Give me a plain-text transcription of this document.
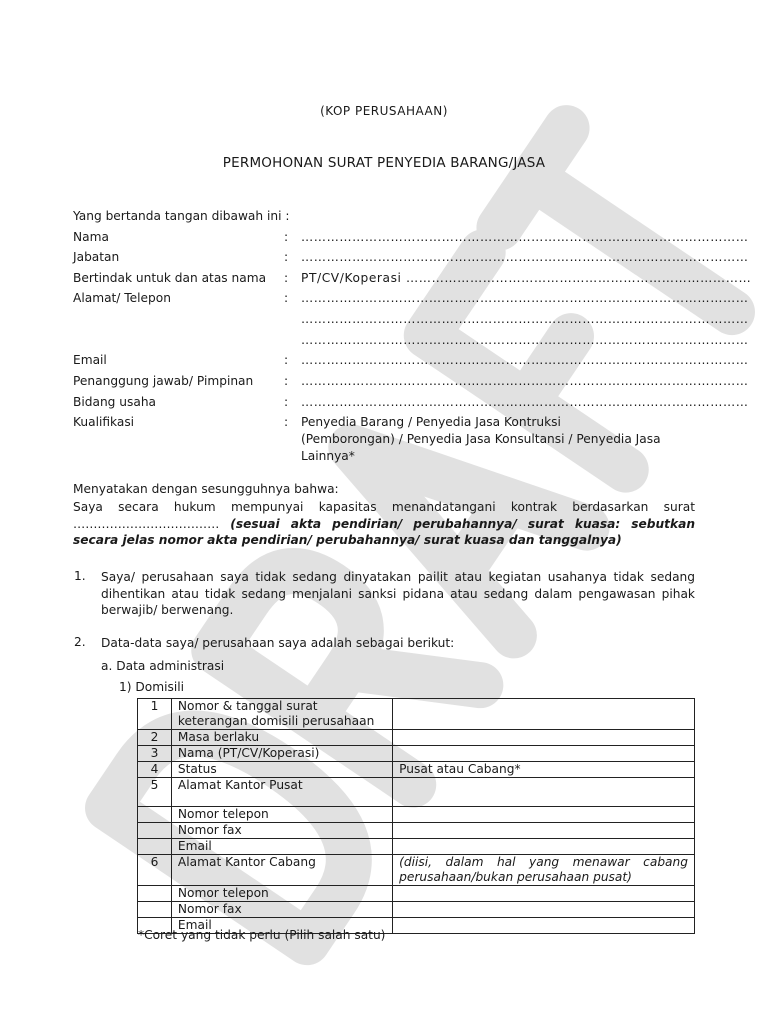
(KOP PERUSAHAAN)
PERMOHONAN SURAT PENYEDIA BARANG/JASA
Yang bertanda tangan dibawah ini :
Nama	: ……………………………………………………………………………………………
Jabatan	: ……………………………………………………………………………………………
Bertindak untuk dan atas nama : PT/CV/Koperasi ………………………………………………………………………
Alamat/ Telepon	: ……………………………………………………………………………………………
……………………………………………………………………………………………
……………………………………………………………………………………………
Email	: ……………………………………………………………………………………………
Penanggung jawab/ Pimpinan	: ……………………………………………………………………………………………
Bidang usaha	: ……………………………………………………………………………………………
Kualifikasi	: Penyedia Barang / Penyedia Jasa Kontruksi
(Pemborongan) / Penyedia Jasa Konsultansi / Penyedia Jasa
Lainnya*
Menyatakan dengan sesungguhnya bahwa:
Saya secara hukum mempunyai kapasitas menandatangani kontrak berdasarkan surat ……………………………… (sesuai akta pendirian/ perubahannya/ surat kuasa: sebutkan secara jelas nomor akta pendirian/ perubahannya/ surat kuasa dan tanggalnya)
1. Saya/ perusahaan saya tidak sedang dinyatakan pailit atau kegiatan usahanya tidak sedang dihentikan atau tidak sedang menjalani sanksi pidana atau sedang dalam pengawasan pihak berwajib/ berwenang.
2. Data-data saya/ perusahaan saya adalah sebagai berikut:
a. Data administrasi
1) Domisili
1	Nomor & tanggal surat
keterangan domisili perusahaan	
2	Masa berlaku	
3	Nama (PT/CV/Koperasi)	
4	Status	Pusat atau Cabang*
5	Alamat Kantor Pusat	
	Nomor telepon	
	Nomor fax	
	Email	
6	Alamat Kantor Cabang	(diisi, dalam hal yang menawar cabang perusahaan/bukan perusahaan pusat)
	Nomor telepon	
	Nomor fax	
	Email	
*Coret yang tidak perlu (Pilih salah satu)
